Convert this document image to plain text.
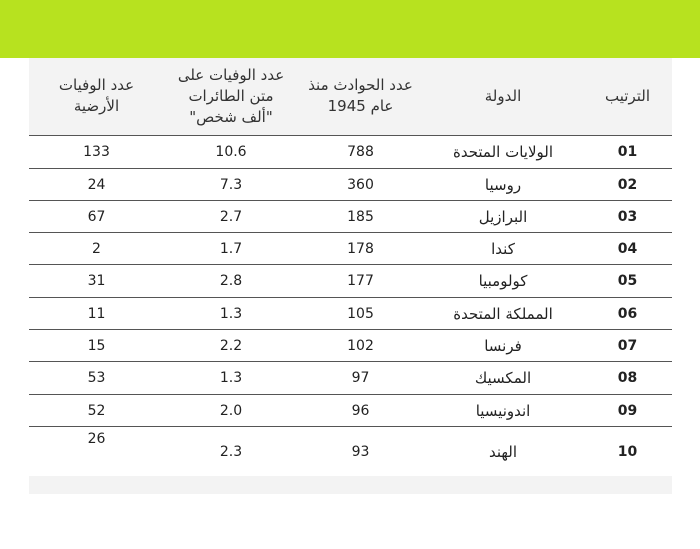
الترتيب
الدولة
عدد الحوادث منذ
عام 1945
عدد الوفيات على
متن الطائرات
"ألف شخص"
عدد الوفيات
الأرضية
01
الولايات المتحدة
788
10.6
133
02
روسيا
360
7.3
24
03
البرازيل
185
2.7
67
04
كندا
178
1.7
2
05
كولومبيا
177
2.8
31
06
المملكة المتحدة
105
1.3
11
07
فرنسا
102
2.2
15
08
المكسيك
97
1.3
53
09
اندونيسيا
96
2.0
52
10
الهند
93
2.3
26
